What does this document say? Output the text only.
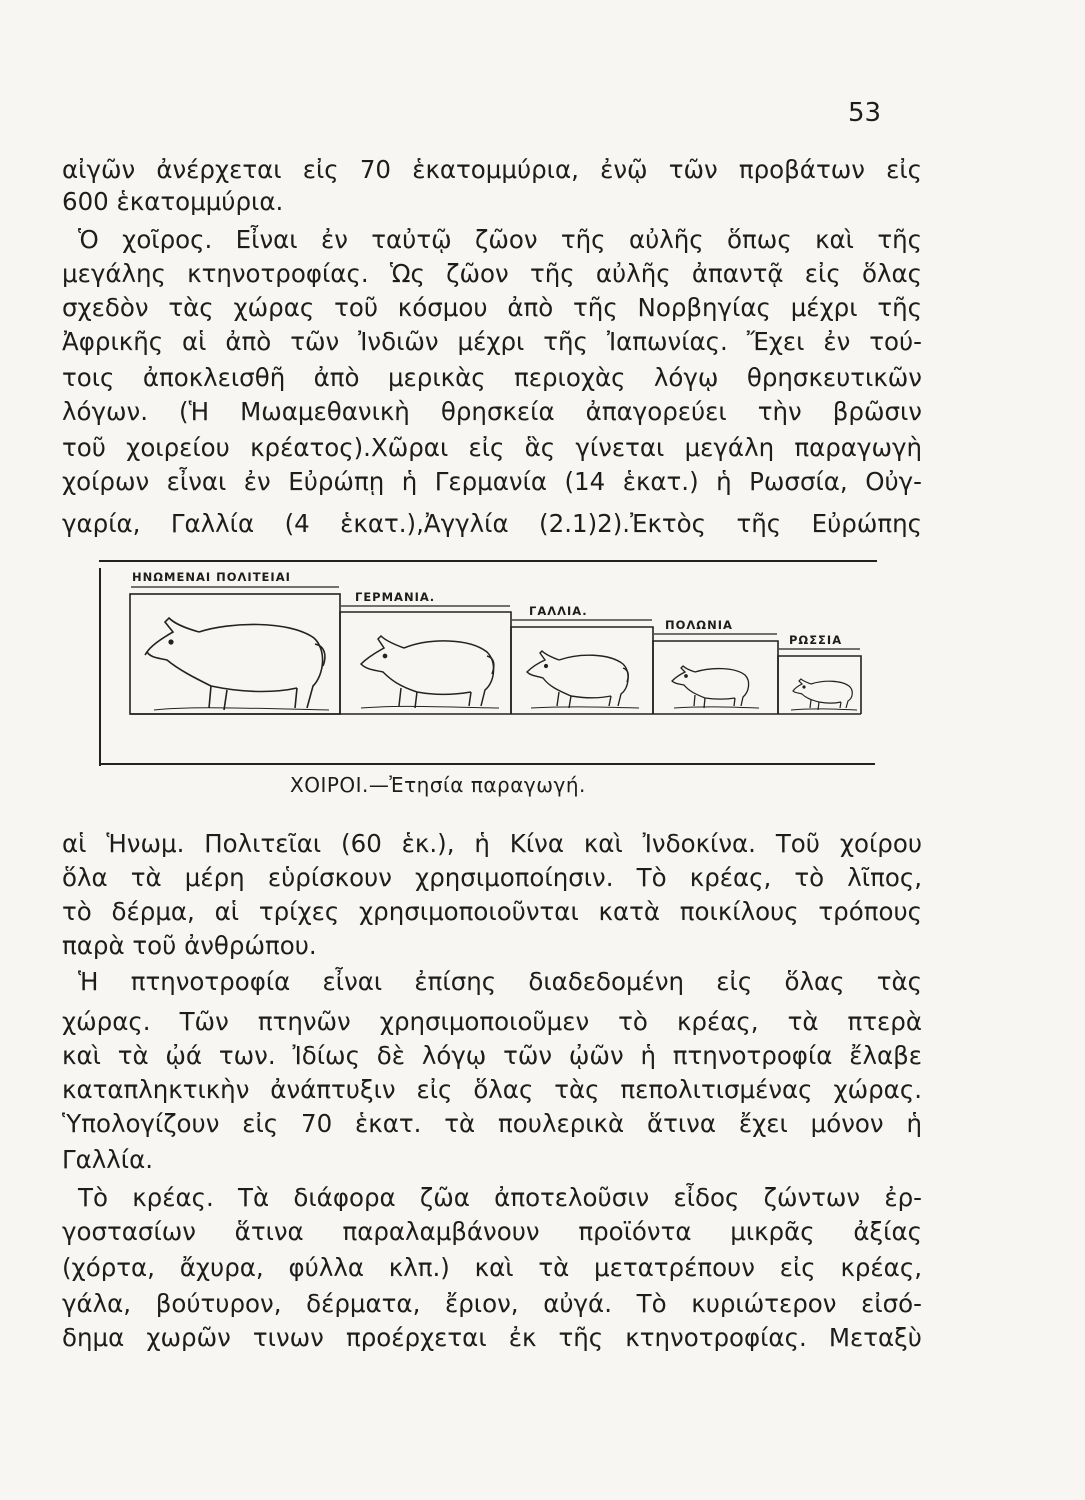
53
αἰγῶν ἀνέρχεται εἰς 70 ἑκατομμύρια, ἐνῷ τῶν προβάτων εἰς
600 ἑκατομμύρια.
Ὁ χοῖρος. Εἶναι ἐν ταὐτῷ ζῶον τῆς αὐλῆς ὅπως καὶ τῆς
μεγάλης κτηνοτροφίας. Ὡς ζῶον τῆς αὐλῆς ἀπαντᾷ εἰς ὅλας
σχεδὸν τὰς χώρας τοῦ κόσμου ἀπὸ τῆς Νορβηγίας μέχρι τῆς
Ἀφρικῆς αἱ ἀπὸ τῶν Ἰνδιῶν μέχρι τῆς Ἰαπωνίας. Ἔχει ἐν τού-
τοις ἀποκλεισθῆ ἀπὸ μερικὰς περιοχὰς λόγῳ θρησκευτικῶν
λόγων. (Ἡ Μωαμεθανικὴ θρησκεία ἀπαγορεύει τὴν βρῶσιν
τοῦ χοιρείου κρέατος).Χῶραι εἰς ἃς γίνεται μεγάλη παραγωγὴ
χοίρων εἶναι ἐν Εὐρώπῃ ἡ Γερμανία (14 ἑκατ.) ἡ Ρωσσία, Οὐγ-
γαρία, Γαλλία (4 ἑκατ.),Ἀγγλία (2.1)2).Ἐκτὸς τῆς Εὐρώπης
ΗΝΩΜΕΝΑΙ ΠΟΛΙΤΕΙΑΙ
ΓΕΡΜΑΝΙΑ.
ΓΑΛΛΙΑ.
ΠΟΛΩΝΙΑ
ΡΩΣΣΙΑ
ΧΟΙΡΟΙ.—Ἐτησία παραγωγή.
αἱ Ἡνωμ. Πολιτεῖαι (60 ἑκ.), ἡ Κίνα καὶ Ἰνδοκίνα. Τοῦ χοίρου
ὅλα τὰ μέρη εὑρίσκουν χρησιμοποίησιν. Τὸ κρέας, τὸ λῖπος,
τὸ δέρμα, αἱ τρίχες χρησιμοποιοῦνται κατὰ ποικίλους τρόπους
παρὰ τοῦ ἀνθρώπου.
Ἡ πτηνοτροφία εἶναι ἐπίσης διαδεδομένη εἰς ὅλας τὰς
χώρας. Τῶν πτηνῶν χρησιμοποιοῦμεν τὸ κρέας, τὰ πτερὰ
καὶ τὰ ᾠά των. Ἰδίως δὲ λόγῳ τῶν ᾠῶν ἡ πτηνοτροφία ἔλαβε
καταπληκτικὴν ἀνάπτυξιν εἰς ὅλας τὰς πεπολιτισμένας χώρας.
Ὑπολογίζουν εἰς 70 ἑκατ. τὰ πουλερικὰ ἅτινα ἔχει μόνον ἡ
Γαλλία.
Τὸ κρέας. Τὰ διάφορα ζῶα ἀποτελοῦσιν εἶδος ζώντων ἐρ-
γοστασίων ἅτινα παραλαμβάνουν προϊόντα μικρᾶς ἀξίας
(χόρτα, ἄχυρα, φύλλα κλπ.) καὶ τὰ μετατρέπουν εἰς κρέας,
γάλα, βούτυρον, δέρματα, ἔριον, αὐγά. Τὸ κυριώτερον εἰσό-
δημα χωρῶν τινων προέρχεται ἐκ τῆς κτηνοτροφίας. Μεταξὺ
